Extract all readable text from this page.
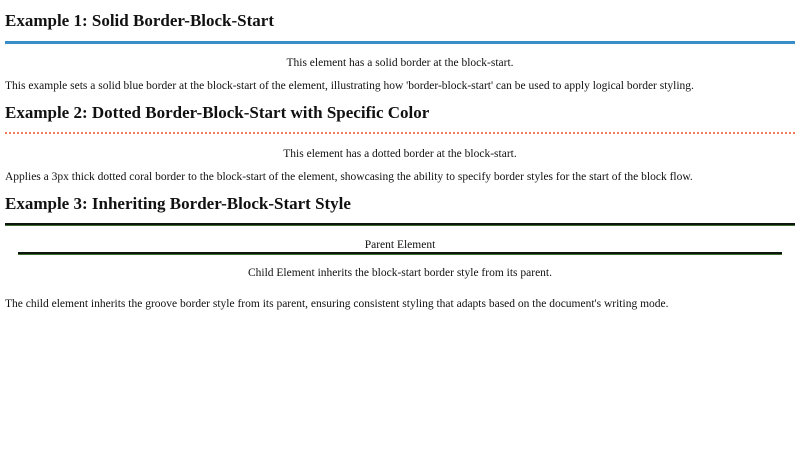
Example 1: Solid Border-Block-Start
This element has a solid border at the block-start.

This example sets a solid blue border at the block-start of the element, illustrating how 'border-block-start' can be used to apply logical border styling.

Example 2: Dotted Border-Block-Start with Specific Color
This element has a dotted border at the block-start.

Applies a 3px thick dotted coral border to the block-start of the element, showcasing the ability to specify border styles for the start of the block flow.

Example 3: Inheriting Border-Block-Start Style
Parent Element
Child Element inherits the block-start border style from its parent.

The child element inherits the groove border style from its parent, ensuring consistent styling that adapts based on the document's writing mode.
